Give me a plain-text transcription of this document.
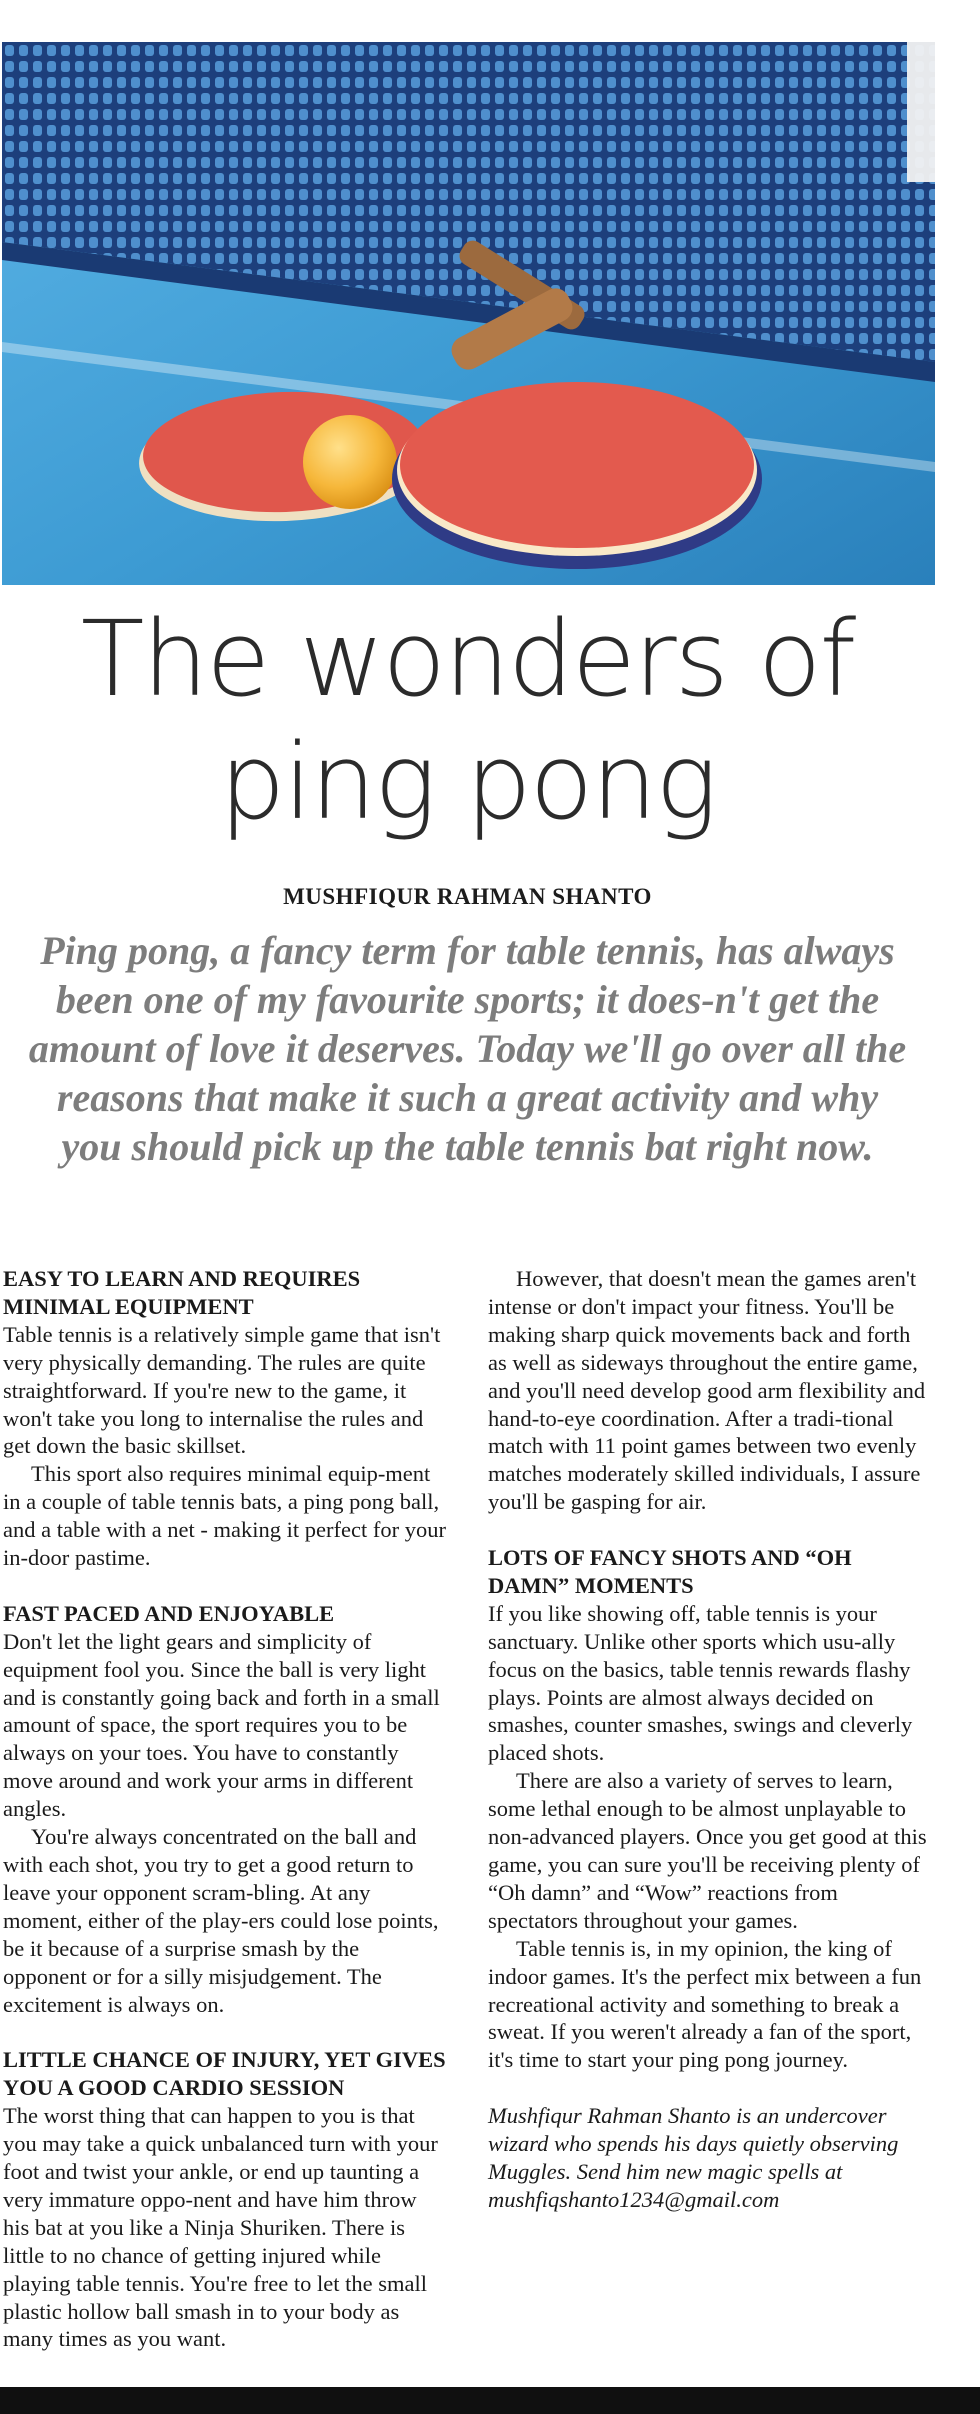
The wonders of
ping pong
MUSHFIQUR RAHMAN SHANTO
Ping pong, a fancy term for table tennis, has always been one of my favourite sports; it does-n't get the amount of love it deserves. Today we'll go over all the reasons that make it such a great activity and why you should pick up the table tennis bat right now.
EASY TO LEARN AND REQUIRES MINIMAL EQUIPMENT

Table tennis is a relatively simple game that isn't very physically demanding. The rules are quite straightforward. If you're new to the game, it won't take you long to internalise the rules and get down the basic skillset.

This sport also requires minimal equip-ment in a couple of table tennis bats, a ping pong ball, and a table with a net - making it perfect for your in-door pastime.

FAST PACED AND ENJOYABLE

Don't let the light gears and simplicity of equipment fool you. Since the ball is very light and is constantly going back and forth in a small amount of space, the sport requires you to be always on your toes. You have to constantly move around and work your arms in different angles.

You're always concentrated on the ball and with each shot, you try to get a good return to leave your opponent scram-bling. At any moment, either of the play-ers could lose points, be it because of a surprise smash by the opponent or for a silly misjudgement. The excitement is always on.

LITTLE CHANCE OF INJURY, YET GIVES YOU A GOOD CARDIO SESSION

The worst thing that can happen to you is that you may take a quick unbalanced turn with your foot and twist your ankle, or end up taunting a very immature oppo-nent and have him throw his bat at you like a Ninja Shuriken. There is little to no chance of getting injured while playing table tennis. You're free to let the small plastic hollow ball smash in to your body as many times as you want.

However, that doesn't mean the games aren't intense or don't impact your fitness. You'll be making sharp quick movements back and forth as well as sideways throughout the entire game, and you'll need develop good arm flexibility and hand-to-eye coordination. After a tradi-tional match with 11 point games between two evenly matches moderately skilled individuals, I assure you'll be gasping for air.

LOTS OF FANCY SHOTS AND “OH DAMN” MOMENTS

If you like showing off, table tennis is your sanctuary. Unlike other sports which usu-ally focus on the basics, table tennis rewards flashy plays. Points are almost always decided on smashes, counter smashes, swings and cleverly placed shots.

There are also a variety of serves to learn, some lethal enough to be almost unplayable to non-advanced players. Once you get good at this game, you can sure you'll be receiving plenty of “Oh damn” and “Wow” reactions from spectators throughout your games.

Table tennis is, in my opinion, the king of indoor games. It's the perfect mix between a fun recreational activity and something to break a sweat. If you weren't already a fan of the sport, it's time to start your ping pong journey.

Mushfiqur Rahman Shanto is an undercover wizard who spends his days quietly observing Muggles. Send him new magic spells at mushfiqshanto1234@gmail.com
